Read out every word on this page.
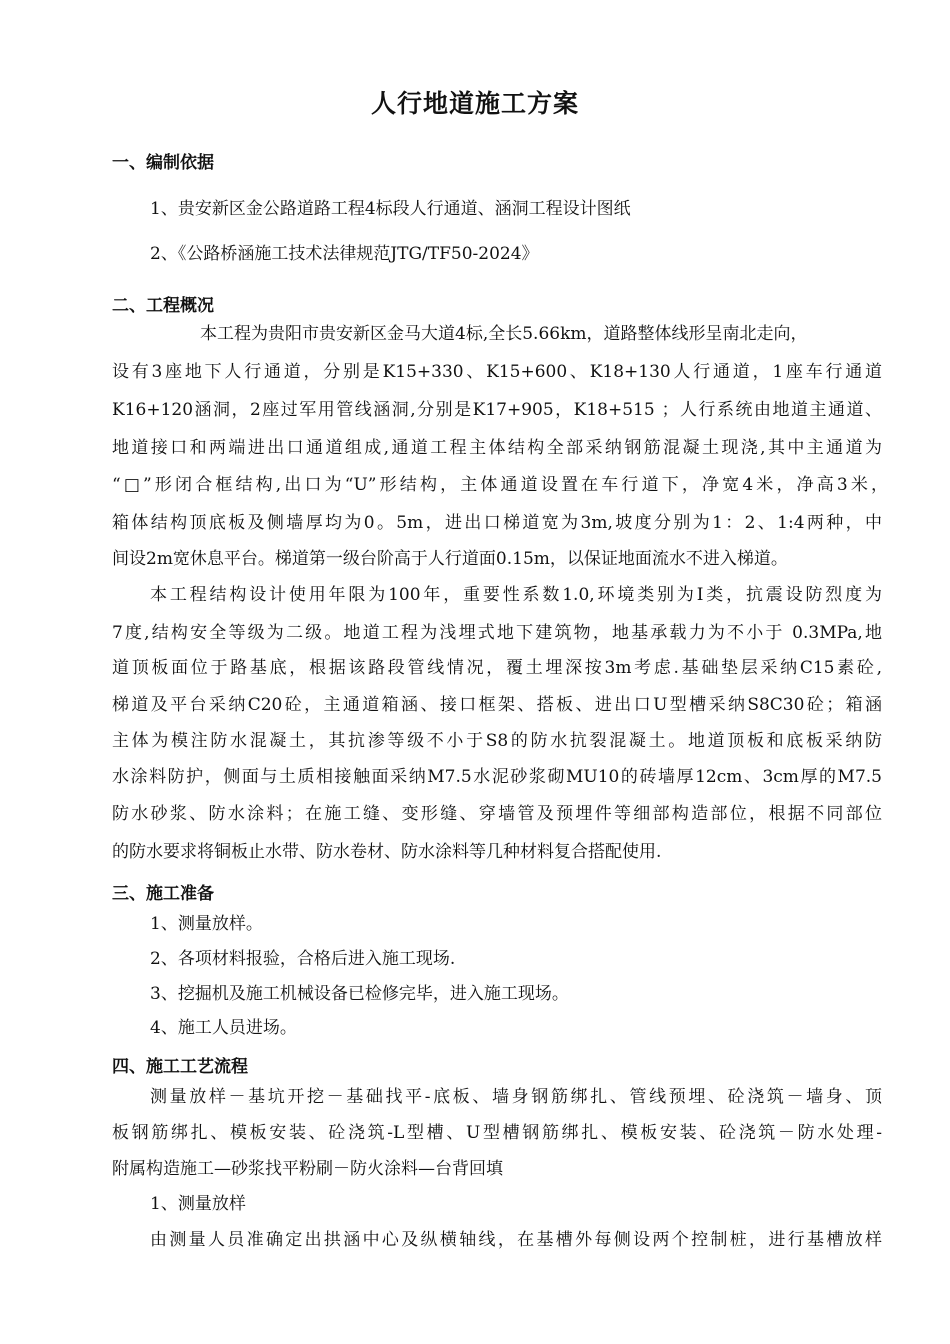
人行地道施工方案
一、编制依据
1、贵安新区金公路道路工程4标段人行通道、涵洞工程设计图纸
2、《公路桥涵施工技术法律规范JTG/TF50-2024》
二、工程概况
本工程为贵阳市贵安新区金马大道4标,全长5.66km，道路整体线形呈南北走向，
设有3座地下人行通道，分别是K15+330、K15+600、K18+130人行通道，1座车行通道
K16+120涵洞，2座过军用管线涵洞,分别是K17+905，K18+515 ；人行系统由地道主通道、
地道接口和两端进出口通道组成,通道工程主体结构全部采纳钢筋混凝土现浇,其中主通道为
“□”形闭合框结构,出口为“U”形结构，主体通道设置在车行道下，净宽4米，净高3米，
箱体结构顶底板及侧墙厚均为0。5m，进出口梯道宽为3m,坡度分别为1：2、1:4两种，中
间设2m宽休息平台。梯道第一级台阶高于人行道面0.15m，以保证地面流水不进入梯道。
本工程结构设计使用年限为100年，重要性系数1.0,环境类别为Ⅰ类，抗震设防烈度为
7度,结构安全等级为二级。地道工程为浅埋式地下建筑物，地基承载力为不小于 0.3MPa,地
道顶板面位于路基底，根据该路段管线情况，覆土埋深按3m考虑.基础垫层采纳C15素砼,
梯道及平台采纳C20砼，主通道箱涵、接口框架、搭板、进出口U型槽采纳S8C30砼；箱涵
主体为模注防水混凝土，其抗渗等级不小于S8的防水抗裂混凝土。地道顶板和底板采纳防
水涂料防护，侧面与土质相接触面采纳M7.5水泥砂浆砌MU10的砖墙厚12cm、3cm厚的M7.5
防水砂浆、防水涂料；在施工缝、变形缝、穿墙管及预埋件等细部构造部位，根据不同部位
的防水要求将铜板止水带、防水卷材、防水涂料等几种材料复合搭配使用.
三、施工准备
1、测量放样。
2、各项材料报验，合格后进入施工现场.
3、挖掘机及施工机械设备已检修完毕，进入施工现场。
4、施工人员进场。
四、施工工艺流程
测量放样－基坑开挖－基础找平-底板、墙身钢筋绑扎、管线预埋、砼浇筑－墙身、顶
板钢筋绑扎、模板安装、砼浇筑-L型槽、U型槽钢筋绑扎、模板安装、砼浇筑－防水处理-
附属构造施工—砂浆找平粉刷－防火涂料—台背回填
1、测量放样
由测量人员准确定出拱涵中心及纵横轴线，在基槽外每侧设两个控制桩，进行基槽放样
